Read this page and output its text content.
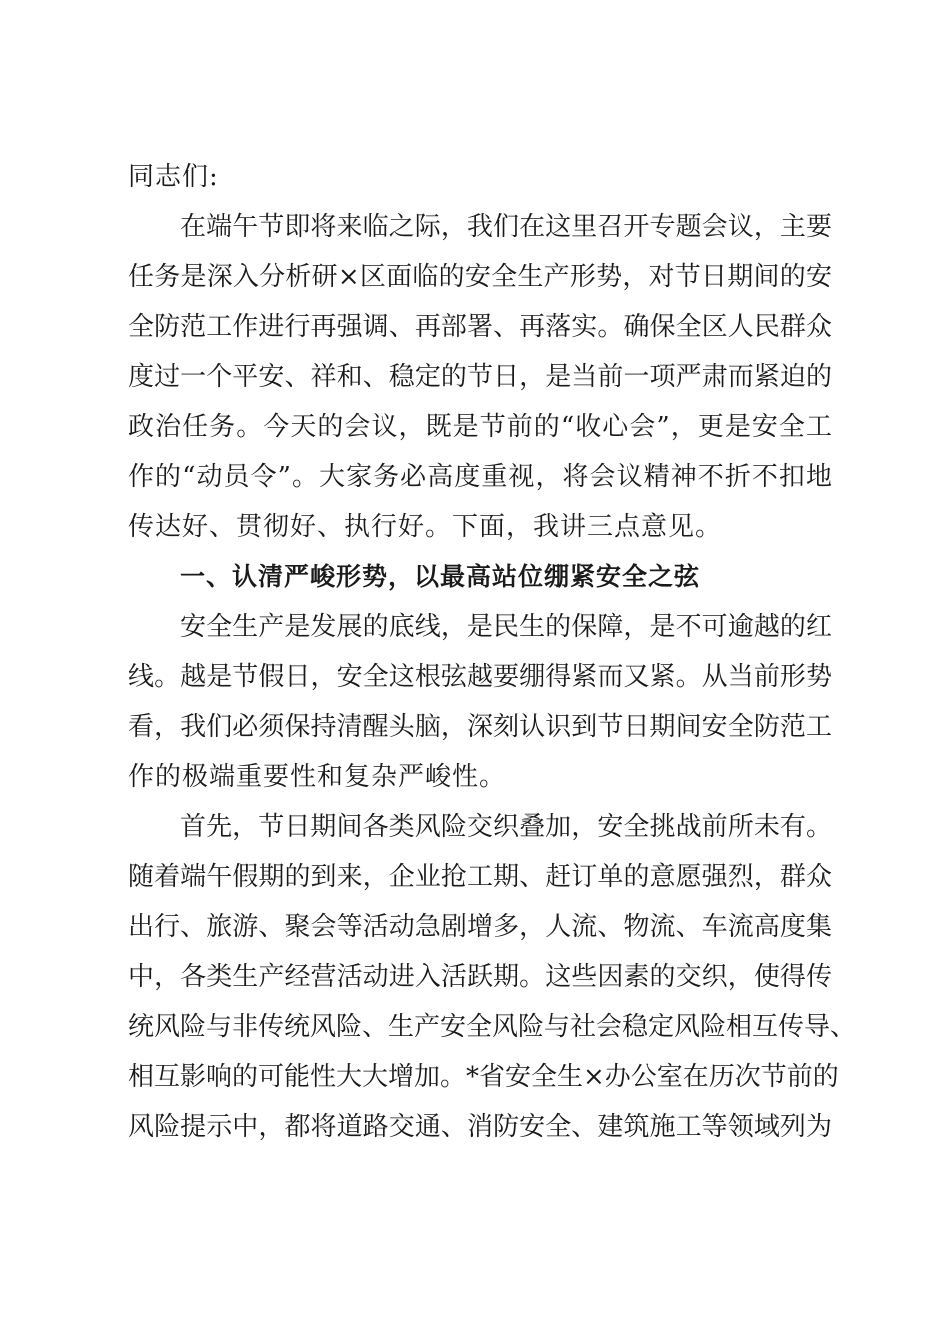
同志们:

在端午节即将来临之际，我们在这里召开专题会议，主要
任务是深入分析研×区面临的安全生产形势，对节日期间的安
全防范工作进行再强调、再部署、再落实。确保全区人民群众
度过一个平安、祥和、稳定的节日，是当前一项严肃而紧迫的
政治任务。今天的会议，既是节前的“收心会”，更是安全工
作的“动员令”。大家务必高度重视，将会议精神不折不扣地
传达好、贯彻好、执行好。下面，我讲三点意见。
一、认清严峻形势，以最高站位绷紧安全之弦
安全生产是发展的底线，是民生的保障，是不可逾越的红
线。越是节假日，安全这根弦越要绷得紧而又紧。从当前形势
看，我们必须保持清醒头脑，深刻认识到节日期间安全防范工
作的极端重要性和复杂严峻性。
首先，节日期间各类风险交织叠加，安全挑战前所未有。
随着端午假期的到来，企业抢工期、赶订单的意愿强烈，群众
出行、旅游、聚会等活动急剧增多，人流、物流、车流高度集
中，各类生产经营活动进入活跃期。这些因素的交织，使得传
统风险与非传统风险、生产安全风险与社会稳定风险相互传导、
相互影响的可能性大大增加。*省安全生×办公室在历次节前的
风险提示中，都将道路交通、消防安全、建筑施工等领域列为
